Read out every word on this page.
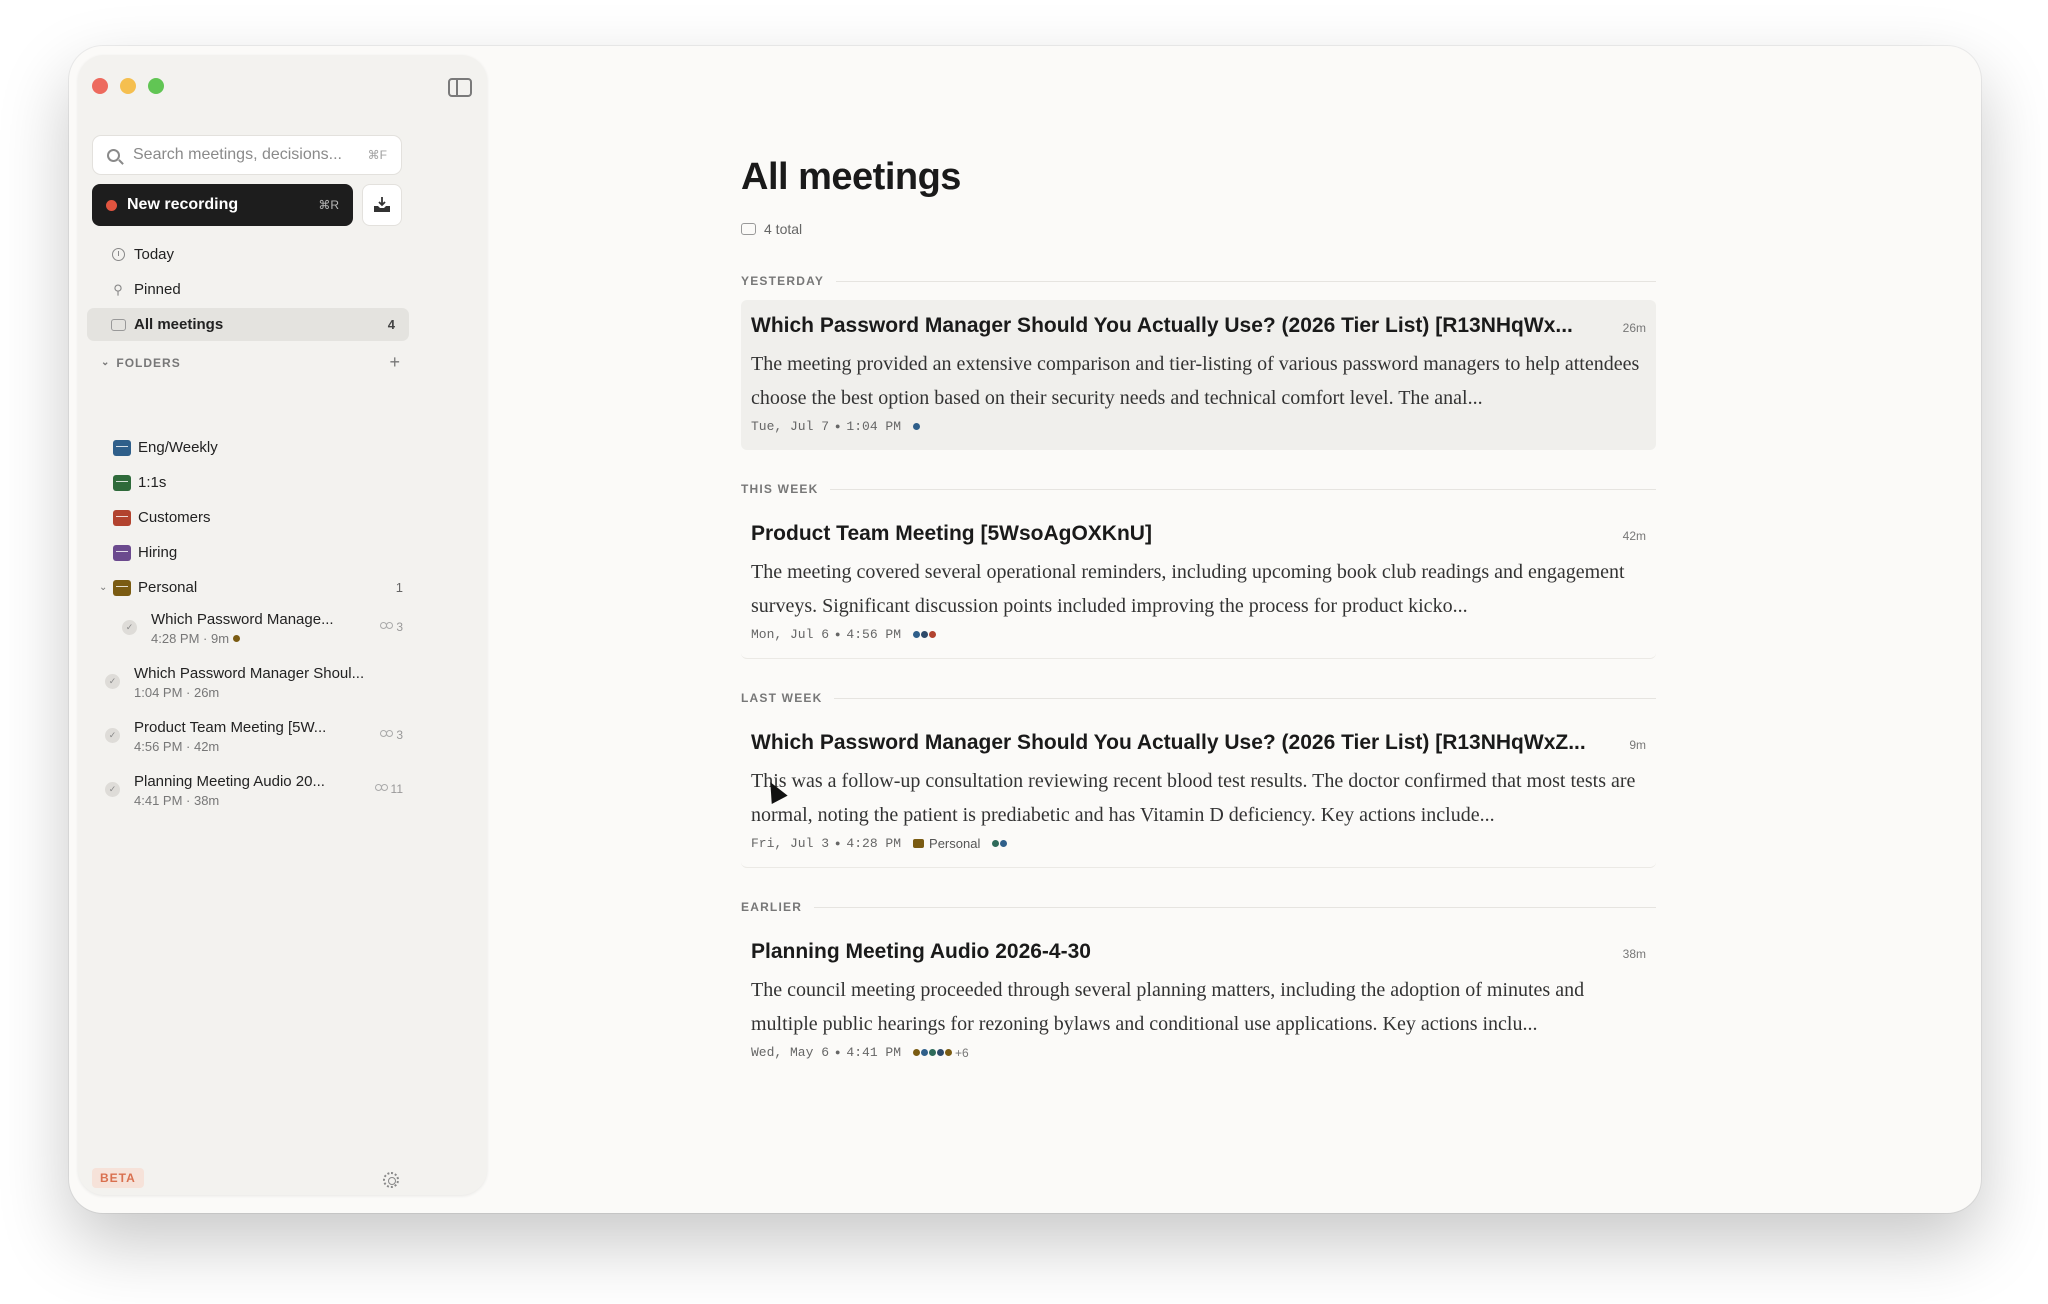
Search meetings, decisions...	⌘F
New recording	⌘R
Today
⚲ Pinned
All meetings	4
⌄ FOLDERS	+
Eng/Weekly
1:1s
Customers
Hiring
⌄ Personal	1
✓ Which Password Manage...
4:28 PM · 9m
3
✓ Which Password Manager Shoul...
1:04 PM · 26m
✓ Product Team Meeting [5W...
4:56 PM · 42m
3
✓ Planning Meeting Audio 20...
4:41 PM · 38m
11
BETA
All meetings
4 total
YESTERDAY
Which Password Manager Should You Actually Use? (2026 Tier List) [R13NHqWx...	26m
The meeting provided an extensive comparison and tier-listing of various password managers to help attendees choose the best option based on their security needs and technical comfort level. The anal...
Tue, Jul 7 ● 1:04 PM
THIS WEEK
Product Team Meeting [5WsoAgOXKnU]	42m
The meeting covered several operational reminders, including upcoming book club readings and engagement surveys. Significant discussion points included improving the process for product kicko...
Mon, Jul 6 ● 4:56 PM
LAST WEEK
Which Password Manager Should You Actually Use? (2026 Tier List) [R13NHqWxZ...	9m
This was a follow-up consultation reviewing recent blood test results. The doctor confirmed that most tests are normal, noting the patient is prediabetic and has Vitamin D deficiency. Key actions include...
Fri, Jul 3 ● 4:28 PM Personal
EARLIER
Planning Meeting Audio 2026-4-30	38m
The council meeting proceeded through several planning matters, including the adoption of minutes and multiple public hearings for rezoning bylaws and conditional use applications. Key actions inclu...
Wed, May 6 ● 4:41 PM	+6
